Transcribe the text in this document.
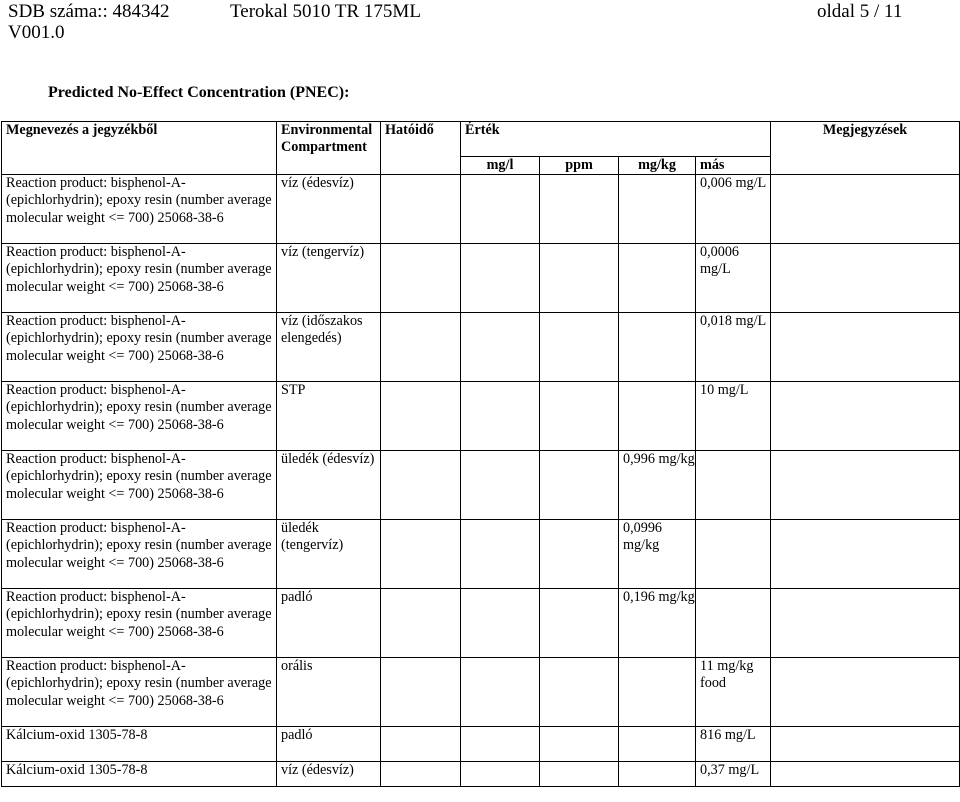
SDB száma:: 484342	Terokal 5010 TR 175ML	oldal 5 / 11
V001.0
Predicted No-Effect Concentration (PNEC):
Megnevezés a jegyzékből	Environmental Compartment	Hatóidő	Érték				Megjegyzések
			mg/l	ppm	mg/kg	más	
Reaction product: bisphenol-A-(epichlorhydrin); epoxy resin (number average molecular weight <= 700) 25068-38-6	víz (édesvíz)					0,006 mg/L	
Reaction product: bisphenol-A-(epichlorhydrin); epoxy resin (number average molecular weight <= 700) 25068-38-6	víz (tengervíz)					0,0006 mg/L	
Reaction product: bisphenol-A-(epichlorhydrin); epoxy resin (number average molecular weight <= 700) 25068-38-6	víz (időszakos elengedés)					0,018 mg/L	
Reaction product: bisphenol-A-(epichlorhydrin); epoxy resin (number average molecular weight <= 700) 25068-38-6	STP					10 mg/L	
Reaction product: bisphenol-A-(epichlorhydrin); epoxy resin (number average molecular weight <= 700) 25068-38-6	üledék (édesvíz)				0,996 mg/kg		
Reaction product: bisphenol-A-(epichlorhydrin); epoxy resin (number average molecular weight <= 700) 25068-38-6	üledék (tengervíz)				0,0996 mg/kg		
Reaction product: bisphenol-A-(epichlorhydrin); epoxy resin (number average molecular weight <= 700) 25068-38-6	padló				0,196 mg/kg		
Reaction product: bisphenol-A-(epichlorhydrin); epoxy resin (number average molecular weight <= 700) 25068-38-6	orális					11 mg/kg food	
Kálcium-oxid 1305-78-8	padló					816 mg/L	
Kálcium-oxid 1305-78-8	víz (édesvíz)					0,37 mg/L	
